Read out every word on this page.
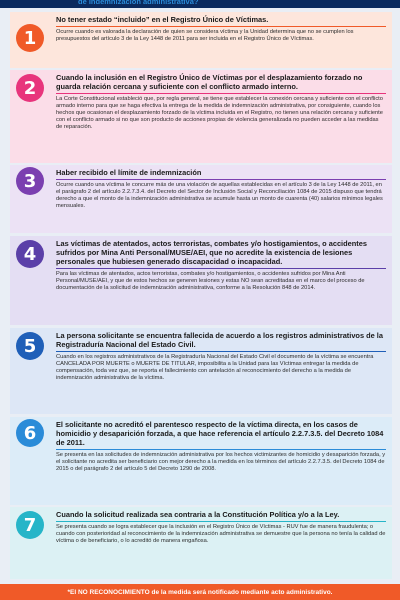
de indemnización administrativa?
1
No tener estado “incluido” en el Registro Único de Víctimas.

Ocurre cuando es valorada la declaración de quien se considera víctima y la Unidad determina que no se cumplen los presupuestos del artículo 3 de la Ley 1448 de 2011 para ser incluida en el Registro Único de Víctimas.

2	Cuando la inclusión en el Registro Único de Víctimas por el desplazamiento forzado no guarda relación cercana y suficiente con el conflicto armado interno.

La Corte Constitucional estableció que, por regla general, se tiene que establecer la conexión cercana y suficiente con el conflicto armado interno para que se haga efectiva la entrega de la medida de indemnización administrativa, por consiguiente, cuando los hechos que ocasionan el desplazamiento forzado de la víctima incluida en el Registro, no tienen una relación cercana y suficiente con el conflicto armado si no que son producto de acciones propias de violencia generalizada no pueden acceder a las medidas de reparación.

3	Haber recibido el límite de indemnización

Ocurre cuando una víctima le concurre más de una violación de aquellas establecidas en el artículo 3 de la Ley 1448 de 2011, en el parágrafo 2 del artículo 2.2.7.3.4. del Decreto del Sector de Inclusión Social y Reconciliación 1084 de 2015 dispuso que tendrá derecho a que el monto de la indemnización administrativa se acumule hasta un monto de cuarenta (40) salarios mínimos legales mensuales.

4	Las víctimas de atentados, actos terroristas, combates y/o hostigamientos, o accidentes sufridos por Mina Anti Personal/MUSE/AEI, que no acredite la existencia de lesiones personales que hubiesen generado discapacidad o incapacidad.

Para las víctimas de atentados, actos terroristas, combates y/o hostigamientos, o accidentes sufridos por Mina Anti Personal/MUSE/AEI, y que de estos hechos se generen lesiones y estas NO sean acreditadas en el marco del proceso de documentación de la solicitud de indemnización administrativa, conforme a la Resolución 848 de 2014.

5	La persona solicitante se encuentra fallecida de acuerdo a los registros administrativos de la Registraduría Nacional del Estado Civil.

Cuando en los registros administrativos de la Registraduría Nacional del Estado Civil el documento de la víctima se encuentra CANCELADA POR MUERTE o MUERTE DE TITULAR, imposibilita a la Unidad para las Víctimas entregar la medida de compensación, toda vez que, se reporta el fallecimiento con antelación al reconocimiento del derecho a la medida de indemnización administrativa de la víctima.

6	El solicitante no acreditó el parentesco respecto de la víctima directa, en los casos de homicidio y desaparición forzada, a que hace referencia el artículo 2.2.7.3.5. del Decreto 1084 de 2011.

Se presenta en las solicitudes de indemnización administrativa por los hechos victimizantes de homicidio y desaparición forzada, y el solicitante no acredita ser beneficiario con mejor derecho a la medida en los términos del artículo 2.2.7.3.5. del Decreto 1084 de 2015 o del parágrafo 2 del artículo 5 del Decreto 1290 de 2008.

7	Cuando la solicitud realizada sea contraria a la Constitución Política y/o a la Ley.

Se presenta cuando se logra establecer que la inclusión en el Registro Único de Víctimas - RUV fue de manera fraudulenta; o cuando con posterioridad al reconocimiento de la indemnización administrativa se demuestre que la persona no tenía la calidad de víctima o de beneficiario, o lo acreditó de manera engañosa.

*El NO RECONOCIMIENTO de la medida será notificado mediante acto administrativo.
